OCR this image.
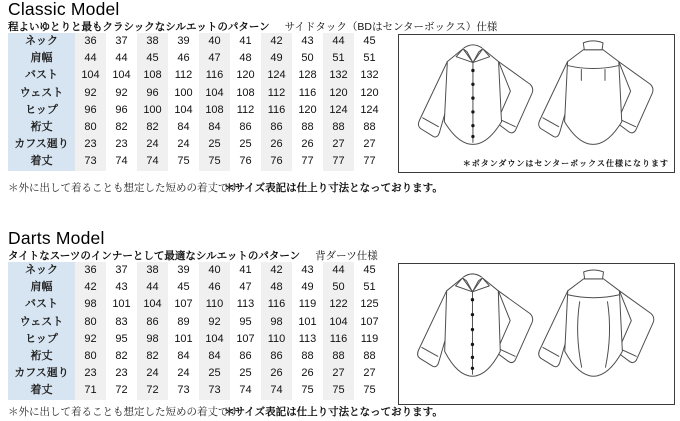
Classic Model
程よいゆとりと最もクラシックなシルエットのパターン サイドタック（BDはセンターボックス）仕様
ネック	36	37	38	39	40	41	42	43	44	45
肩幅	44	44	45	46	47	48	49	50	51	51
バスト	104	104	108	112	116	120	124	128	132	132
ウェスト	92	92	96	100	104	108	112	116	120	120
ヒップ	96	96	100	104	108	112	116	120	124	124
裄丈	80	82	82	84	84	86	86	88	88	88
カフス廻り	23	23	24	24	25	25	26	26	27	27
着丈	73	74	74	75	75	76	76	77	77	77	＊ボタンダウンはセンターボックス仕様になります
＊外に出して着ることも想定した短めの着丈です
＊サイズ表記は仕上り寸法となっております。
Darts Model
タイトなスーツのインナーとして最適なシルエットのパターン 背ダーツ仕様
ネック	36	37	38	39	40	41	42	43	44	45
肩幅	42	43	44	45	46	47	48	49	50	51
バスト	98	101	104	107	110	113	116	119	122	125
ウェスト	80	83	86	89	92	95	98	101	104	107
ヒップ	92	95	98	101	104	107	110	113	116	119
裄丈	80	82	82	84	84	86	86	88	88	88
カフス廻り	23	23	24	24	25	25	26	26	27	27
着丈	71	72	72	73	73	74	74	75	75	75
＊外に出して着ることも想定した短めの着丈です
＊サイズ表記は仕上り寸法となっております。
